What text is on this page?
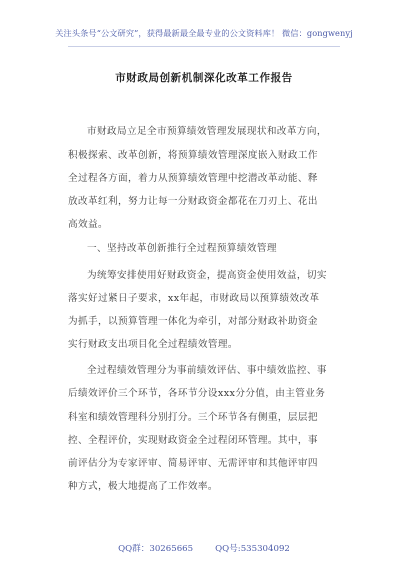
关注头条号“公文研究”，获得最新最全最专业的公文资料库！ 微信：gongwenyj
市财政局创新机制深化改革工作报告
市财政局立足全市预算绩效管理发展现状和改革方向，
积极探索、改革创新，将预算绩效管理深度嵌入财政工作
全过程各方面，着力从预算绩效管理中挖潜改革动能、释
放改革红利，努力让每一分财政资金都花在刀刃上、花出
高效益。
一、坚持改革创新推行全过程预算绩效管理
为统筹安排使用好财政资金，提高资金使用效益，切实
落实好过紧日子要求，xx年起，市财政局以预算绩效改革
为抓手，以预算管理一体化为牵引，对部分财政补助资金
实行财政支出项目化全过程绩效管理。
全过程绩效管理分为事前绩效评估、事中绩效监控、事
后绩效评价三个环节，各环节分设xxx分分值，由主管业务
科室和绩效管理科分别打分。三个环节各有侧重，层层把
控、全程评价，实现财政资金全过程闭环管理。其中，事
前评估分为专家评审、简易评审、无需评审和其他评审四
种方式，极大地提高了工作效率。
QQ群：30265665	QQ号:535304092
